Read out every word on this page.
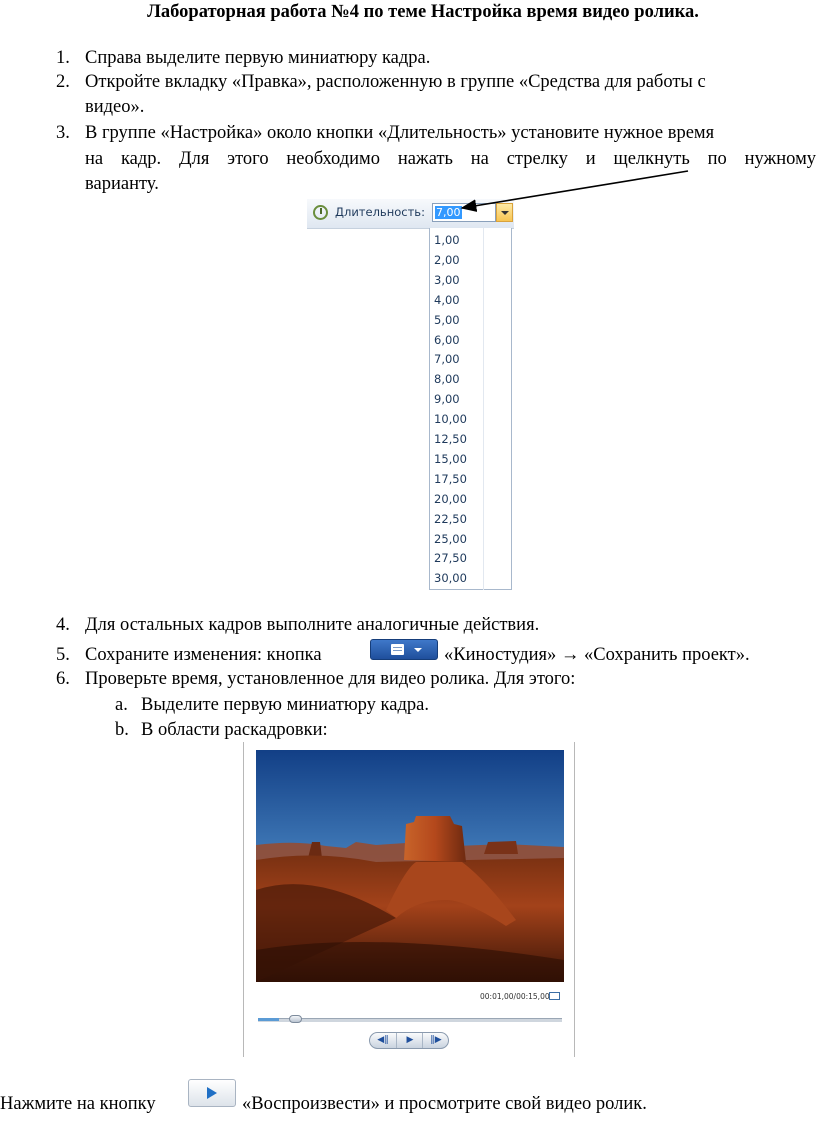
Лабораторная работа №4 по теме Настройка время видео ролика.
1. Справа выделите первую миниатюру кадра.
2. Откройте вкладку «Правка», расположенную в группе «Средства для работы с
видео».
3. В группе «Настройка» около кнопки «Длительность» установите нужное время
на кадр. Для этого необходимо нажать на стрелку и щелкнуть по нужному
варианту.
Длительность: 7,00
1,00
2,00
3,00
4,00
5,00
6,00
7,00
8,00
9,00
10,00
12,50
15,00
17,50
20,00
22,50
25,00
27,50
30,00
4. Для остальных кадров выполните аналогичные действия.
5. Сохраните изменения: кнопка	«Киностудия» → «Сохранить проект».
6. Проверьте время, установленное для видео ролика. Для этого:
a. Выделите первую миниатюру кадра.
b. В области раскадровки:
00:01,00/00:15,00
◀‖	▶	‖▶
Нажмите на кнопку	«Воспроизвести» и просмотрите свой видео ролик.
